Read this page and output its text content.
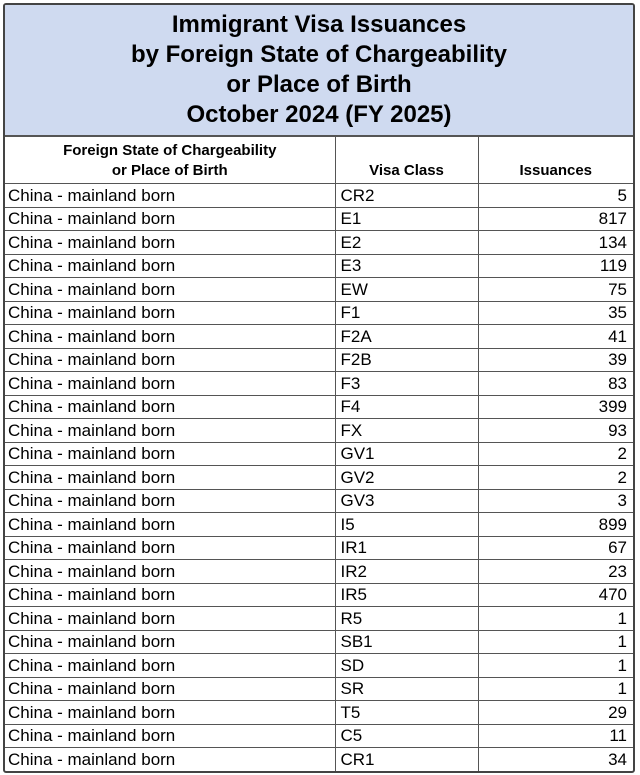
Immigrant Visa Issuances
by Foreign State of Chargeability
or Place of Birth
October 2024 (FY 2025)
Foreign State of Chargeability
or Place of Birth	Visa Class	Issuances
China - mainland born	CR2	5
China - mainland born	E1	817
China - mainland born	E2	134
China - mainland born	E3	119
China - mainland born	EW	75
China - mainland born	F1	35
China - mainland born	F2A	41
China - mainland born	F2B	39
China - mainland born	F3	83
China - mainland born	F4	399
China - mainland born	FX	93
China - mainland born	GV1	2
China - mainland born	GV2	2
China - mainland born	GV3	3
China - mainland born	I5	899
China - mainland born	IR1	67
China - mainland born	IR2	23
China - mainland born	IR5	470
China - mainland born	R5	1
China - mainland born	SB1	1
China - mainland born	SD	1
China - mainland born	SR	1
China - mainland born	T5	29
China - mainland born	C5	11
China - mainland born	CR1	34
